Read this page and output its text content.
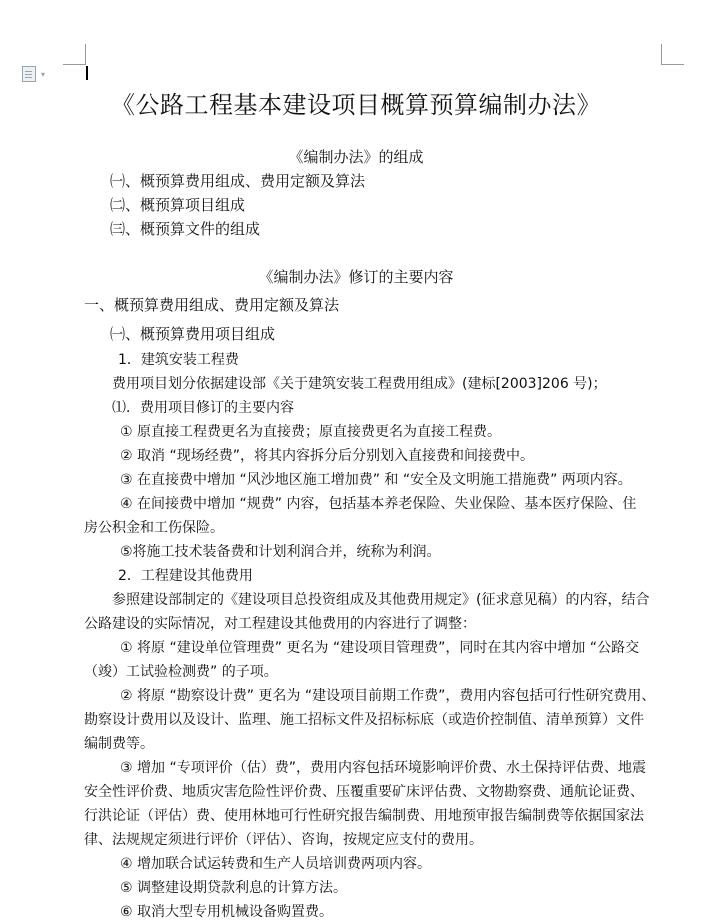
▾
《公路工程基本建设项目概算预算编制办法》
《编制办法》的组成
㈠、概预算费用组成、费用定额及算法
㈡、概预算项目组成
㈢、概预算文件的组成
《编制办法》修订的主要内容
一、概预算费用组成、费用定额及算法
㈠、概预算费用项目组成
1．建筑安装工程费
费用项目划分依据建设部《关于建筑安装工程费用组成》(建标[2003]206 号)；
⑴．费用项目修订的主要内容
① 原直接工程费更名为直接费；原直接费更名为直接工程费。
② 取消 “现场经费”，将其内容拆分后分别划入直接费和间接费中。
③ 在直接费中增加 “风沙地区施工增加费” 和 “安全及文明施工措施费” 两项内容。
④ 在间接费中增加 “规费” 内容，包括基本养老保险、失业保险、基本医疗保险、住
房公积金和工伤保险。
⑤将施工技术装备费和计划利润合并，统称为利润。
2．工程建设其他费用
参照建设部制定的《建设项目总投资组成及其他费用规定》(征求意见稿）的内容，结合
公路建设的实际情况，对工程建设其他费用的内容进行了调整：
① 将原 “建设单位管理费” 更名为 “建设项目管理费”，同时在其内容中增加 “公路交
（竣）工试验检测费” 的子项。
② 将原 “勘察设计费” 更名为 “建设项目前期工作费”，费用内容包括可行性研究费用、
勘察设计费用以及设计、监理、施工招标文件及招标标底（或造价控制值、清单预算）文件
编制费等。
③ 增加 “专项评价（估）费”，费用内容包括环境影响评价费、水土保持评估费、地震
安全性评价费、地质灾害危险性评价费、压覆重要矿床评估费、文物勘察费、通航论证费、
行洪论证（评估）费、使用林地可行性研究报告编制费、用地预审报告编制费等依据国家法
律、法规规定须进行评价（评估）、咨询，按规定应支付的费用。
④ 增加联合试运转费和生产人员培训费两项内容。
⑤ 调整建设期贷款利息的计算方法。
⑥ 取消大型专用机械设备购置费。
